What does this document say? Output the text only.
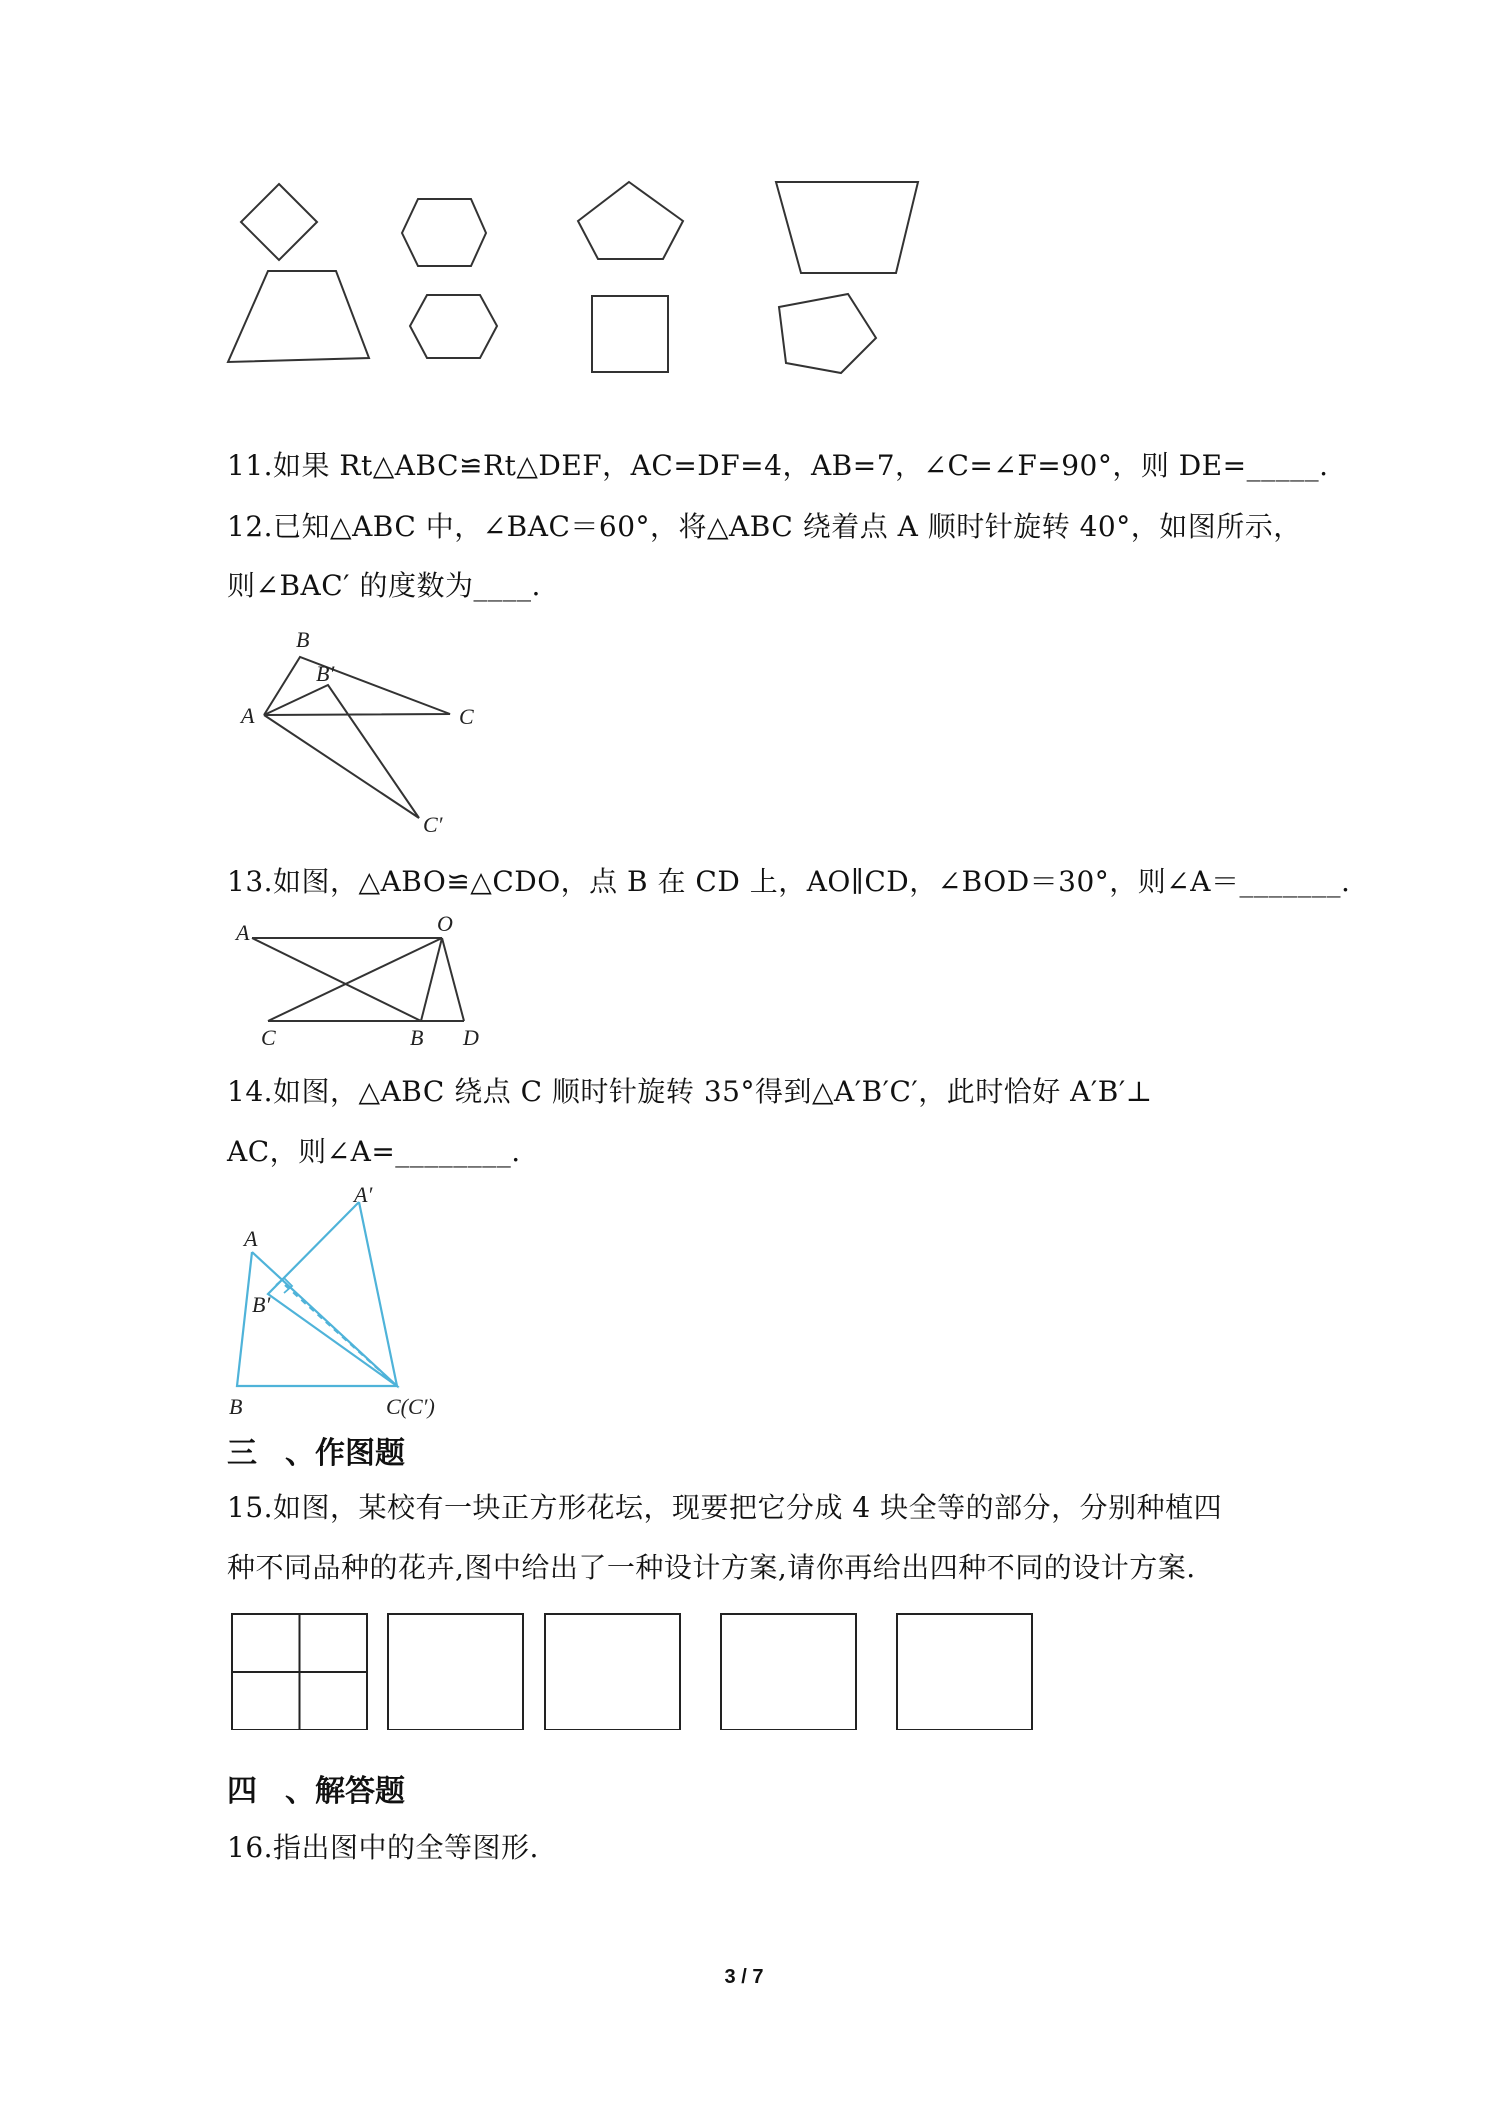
11.如果 Rt△ABC≌Rt△DEF，AC=DF=4，AB=7，∠C=∠F=90°，则 DE=_____.
12.已知△ABC 中，∠BAC＝60°，将△ABC 绕着点 A 顺时针旋转 40°，如图所示，
则∠BAC′ 的度数为____.
B
B′
A	C
C′
13.如图，△ABO≌△CDO，点 B 在 CD 上，AO∥CD，∠BOD＝30°，则∠A＝_______.
A	O
C	B D
14.如图，△ABC 绕点 C 顺时针旋转 35°得到△A′B′C′，此时恰好 A′B′⊥
AC，则∠A=________.
A′
A
B′
B	C(C′)
三 、作图题
15.如图，某校有一块正方形花坛，现要把它分成 4 块全等的部分，分别种植四
种不同品种的花卉,图中给出了一种设计方案,请你再给出四种不同的设计方案.
四 、解答题
16.指出图中的全等图形.
3 / 7
